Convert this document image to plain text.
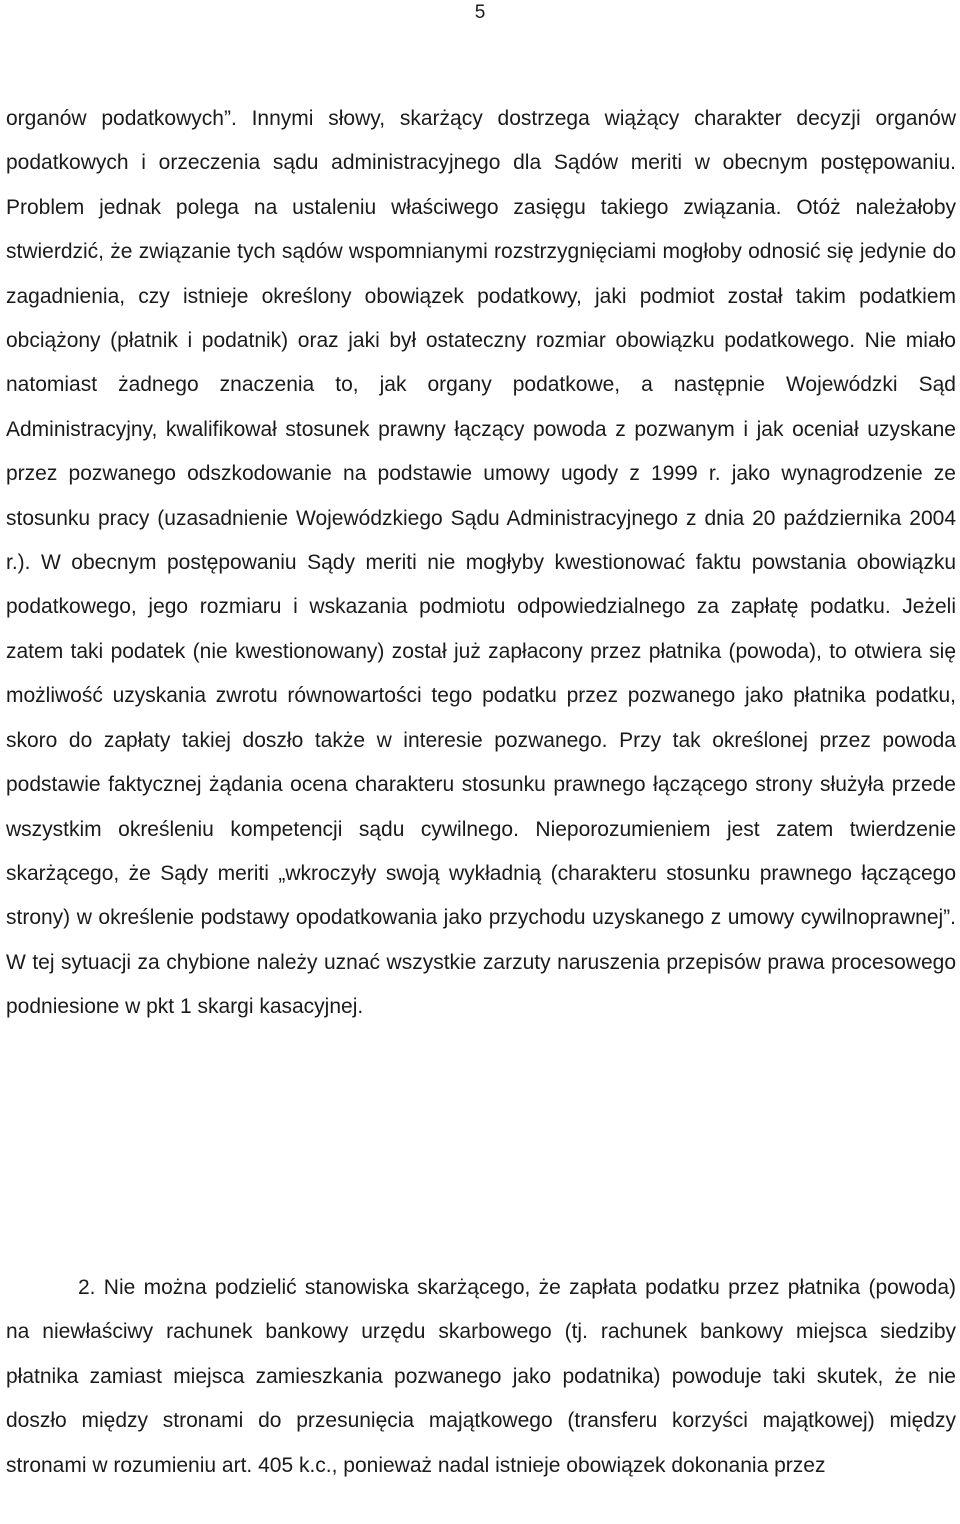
5

organów podatkowych”. Innymi słowy, skarżący dostrzega wiążący charakter decyzji organów podatkowych i orzeczenia sądu administracyjnego dla Sądów meriti w obecnym postępowaniu. Problem jednak polega na ustaleniu właściwego zasięgu takiego związania. Otóż należałoby stwierdzić, że związanie tych sądów wspomnianymi rozstrzygnięciami mogłoby odnosić się jedynie do zagadnienia, czy istnieje określony obowiązek podatkowy, jaki podmiot został takim podatkiem obciążony (płatnik i podatnik) oraz jaki był ostateczny rozmiar obowiązku podatkowego. Nie miało natomiast żadnego znaczenia to, jak organy podatkowe, a następnie Wojewódzki Sąd Administracyjny, kwalifikował stosunek prawny łączący powoda z pozwanym i jak oceniał uzyskane przez pozwanego odszkodowanie na podstawie umowy ugody z 1999 r. jako wynagrodzenie ze stosunku pracy (uzasadnienie Wojewódzkiego Sądu Administracyjnego z dnia 20 października 2004 r.). W obecnym postępowaniu Sądy meriti nie mogłyby kwestionować faktu powstania obowiązku podatkowego, jego rozmiaru i wskazania podmiotu odpowiedzialnego za zapłatę podatku. Jeżeli zatem taki podatek (nie kwestionowany) został już zapłacony przez płatnika (powoda), to otwiera się możliwość uzyskania zwrotu równowartości tego podatku przez pozwanego jako płatnika podatku, skoro do zapłaty takiej doszło także w interesie pozwanego. Przy tak określonej przez powoda podstawie faktycznej żądania ocena charakteru stosunku prawnego łączącego strony służyła przede wszystkim określeniu kompetencji sądu cywilnego. Nieporozumieniem jest zatem twierdzenie skarżącego, że Sądy meriti „wkroczyły swoją wykładnią (charakteru stosunku prawnego łączącego strony) w określenie podstawy opodatkowania jako przychodu uzyskanego z umowy cywilnoprawnej”. W tej sytuacji za chybione należy uznać wszystkie zarzuty naruszenia przepisów prawa procesowego podniesione w pkt 1 skargi kasacyjnej.

2. Nie można podzielić stanowiska skarżącego, że zapłata podatku przez płatnika (powoda) na niewłaściwy rachunek bankowy urzędu skarbowego (tj. rachunek bankowy miejsca siedziby płatnika zamiast miejsca zamieszkania pozwanego jako podatnika) powoduje taki skutek, że nie doszło między stronami do przesunięcia majątkowego (transferu korzyści majątkowej) między stronami w rozumieniu art. 405 k.c., ponieważ nadal istnieje obowiązek dokonania przez
